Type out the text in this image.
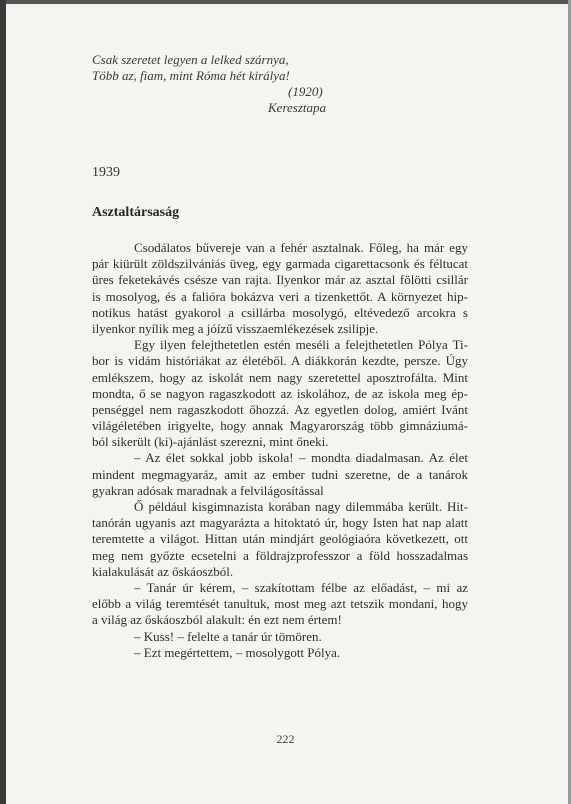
Csak szeretet legyen a lelked szárnya,
Több az, fiam, mint Róma hét királya!
(1920)
Keresztapa
1939
Asztaltársaság
Csodálatos bűvereje van a fehér asztalnak. Főleg, ha már egy
pár kiürült zöldszilvániás üveg, egy garmada cigarettacsonk és féltucat
üres feketekávés csésze van rajta. Ilyenkor már az asztal fölötti csillár
is mosolyog, és a falióra bokázva veri a tizenkettőt. A környezet hip-
notikus hatást gyakorol a csillárba mosolygó, eltévedező arcokra s
ilyenkor nyílik meg a jóízű visszaemlékezések zsilipje.
Egy ilyen felejthetetlen estén meséli a felejthetetlen Pólya Ti-
bor is vidám históriákat az életéből. A diákkorán kezdte, persze. Úgy
emlékszem, hogy az iskolát nem nagy szeretettel aposztrofálta. Mint
mondta, ő se nagyon ragaszkodott az iskolához, de az iskola meg ép-
penséggel nem ragaszkodott őhozzá. Az egyetlen dolog, amiért Ivánt
világéletében irigyelte, hogy annak Magyarország több gimnáziumá-
ból sikerült (ki)-ajánlást szerezni, mint őneki.
– Az élet sokkal jobb iskola! – mondta diadalmasan. Az élet
mindent megmagyaráz, amit az ember tudni szeretne, de a tanárok
gyakran adósak maradnak a felvilágosítással
Ő például kisgimnazista korában nagy dilemmába került. Hit-
tanórán ugyanis azt magyarázta a hitoktató úr, hogy Isten hat nap alatt
teremtette a világot. Hittan után mindjárt geológiaóra következett, ott
meg nem győzte ecsetelni a földrajzprofesszor a föld hosszadalmas
kialakulását az őskáoszból.
– Tanár úr kérem, – szakítottam félbe az előadást, – mi az
előbb a világ teremtését tanultuk, most meg azt tetszik mondani, hogy
a világ az őskáoszból alakult: én ezt nem értem!
– Kuss! – felelte a tanár úr tömören.
– Ezt megértettem, – mosolygott Pólya.
222
